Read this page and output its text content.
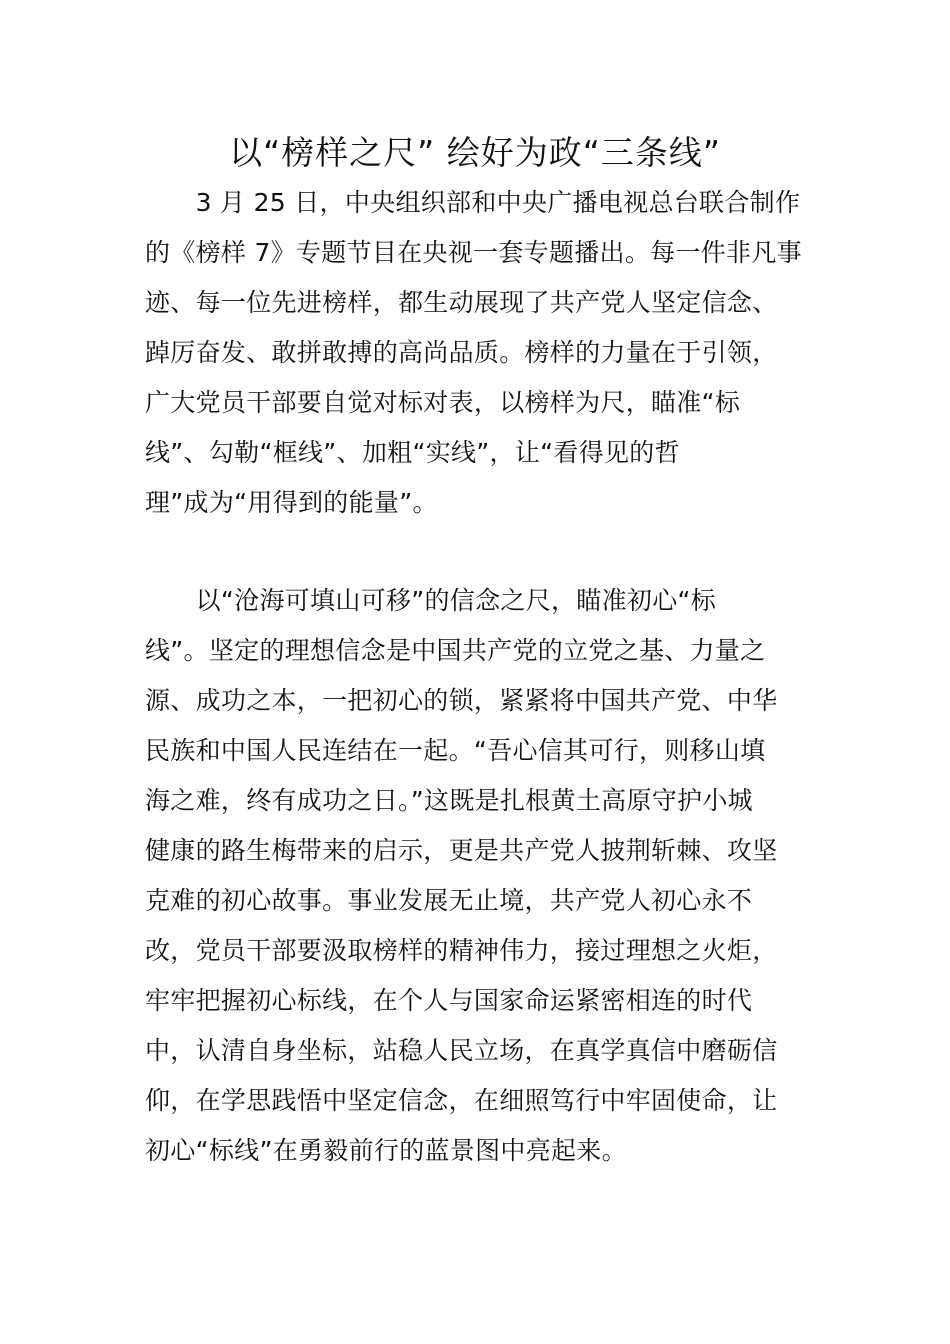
以“榜样之尺” 绘好为政“三条线”
　　3 月 25 日，中央组织部和中央广播电视总台联合制作
的《榜样 7》专题节目在央视一套专题播出。每一件非凡事
迹、每一位先进榜样，都生动展现了共产党人坚定信念、
踔厉奋发、敢拼敢搏的高尚品质。榜样的力量在于引领，
广大党员干部要自觉对标对表，以榜样为尺，瞄准“标
线”、勾勒“框线”、加粗“实线”，让“看得见的哲
理”成为“用得到的能量”。
　　以“沧海可填山可移”的信念之尺，瞄准初心“标
线”。坚定的理想信念是中国共产党的立党之基、力量之
源、成功之本，一把初心的锁，紧紧将中国共产党、中华
民族和中国人民连结在一起。“吾心信其可行，则移山填
海之难，终有成功之日。”这既是扎根黄土高原守护小城
健康的路生梅带来的启示，更是共产党人披荆斩棘、攻坚
克难的初心故事。事业发展无止境，共产党人初心永不
改，党员干部要汲取榜样的精神伟力，接过理想之火炬，
牢牢把握初心标线，在个人与国家命运紧密相连的时代
中，认清自身坐标，站稳人民立场，在真学真信中磨砺信
仰，在学思践悟中坚定信念，在细照笃行中牢固使命，让
初心“标线”在勇毅前行的蓝景图中亮起来。
